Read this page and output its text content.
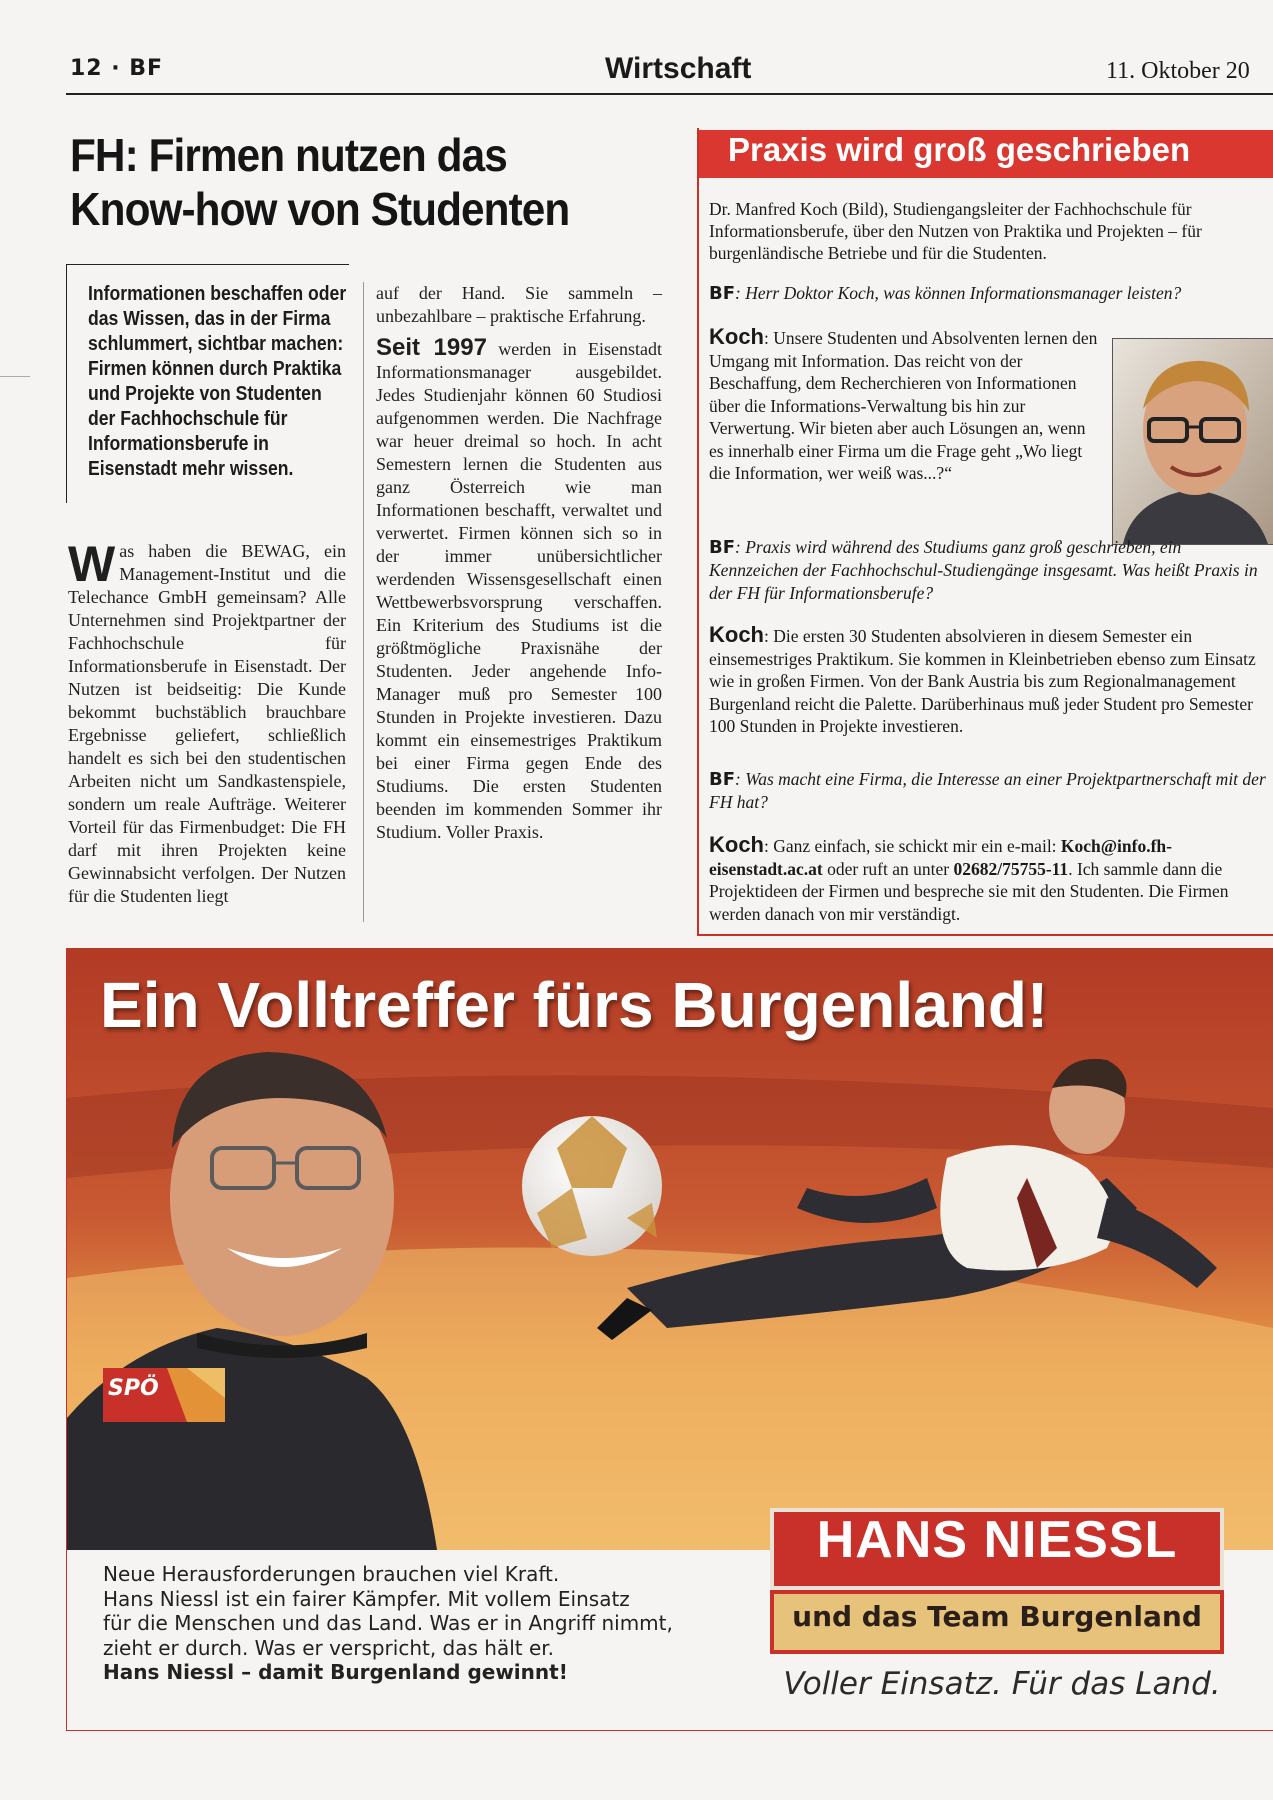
12 · BF	Wirtschaft	11. Oktober 20
FH: Firmen nutzen das
Know-how von Studenten
Informationen beschaffen oder das Wissen, das in der Firma schlummert, sichtbar machen: Firmen können durch Praktika und Projekte von Studenten der Fachhochschule für Informationsberufe in Eisenstadt mehr wissen.
Was haben die BEWAG, ein Management-Institut und die Telechance GmbH gemeinsam? Alle Unternehmen sind Projektpartner der Fachhochschule für Informationsberufe in Eisenstadt. Der Nutzen ist beidseitig: Die Kunde bekommt buchstäblich brauchbare Ergebnisse geliefert, schließlich handelt es sich bei den studentischen Arbeiten nicht um Sandkastenspiele, sondern um reale Aufträge. Weiterer Vorteil für das Firmenbudget: Die FH darf mit ihren Projekten keine Gewinnabsicht verfolgen. Der Nutzen für die Studenten liegt
auf der Hand. Sie sammeln – unbezahlbare – praktische Erfahrung.
Seit 1997 werden in Eisenstadt Informationsmanager ausgebildet. Jedes Studienjahr können 60 Studiosi aufgenommen werden. Die Nachfrage war heuer dreimal so hoch. In acht Semestern lernen die Studenten aus ganz Österreich wie man Informationen beschafft, verwaltet und verwertet. Firmen können sich so in der immer unübersichtlicher werdenden Wissensgesellschaft einen Wettbewerbsvorsprung verschaffen. Ein Kriterium des Studiums ist die größtmögliche Praxisnähe der Studenten. Jeder angehende Info-Manager muß pro Semester 100 Stunden in Projekte investieren. Dazu kommt ein einsemestriges Praktikum bei einer Firma gegen Ende des Studiums. Die ersten Studenten beenden im kommenden Sommer ihr Studium. Voller Praxis.
Praxis wird groß geschrieben
Dr. Manfred Koch (Bild), Studiengangsleiter der Fachhochschule für Informationsberufe, über den Nutzen von Praktika und Projekten – für burgenländische Betriebe und für die Studenten.
BF: Herr Doktor Koch, was können Informationsmanager leisten?
Koch: Unsere Studenten und Absolventen lernen den Umgang mit Information. Das reicht von der Beschaffung, dem Recherchieren von Informationen über die Informations-Verwaltung bis hin zur Verwertung. Wir bieten aber auch Lösungen an, wenn es innerhalb einer Firma um die Frage geht „Wo liegt die Information, wer weiß was...?“
BF: Praxis wird während des Studiums ganz groß geschrieben, ein Kennzeichen der Fachhochschul-Studiengänge insgesamt. Was heißt Praxis in der FH für Informationsberufe?
Koch: Die ersten 30 Studenten absolvieren in diesem Semester ein einsemestriges Praktikum. Sie kommen in Kleinbetrieben ebenso zum Einsatz wie in großen Firmen. Von der Bank Austria bis zum Regionalmanagement Burgenland reicht die Palette. Darüberhinaus muß jeder Student pro Semester 100 Stunden in Projekte investieren.
BF: Was macht eine Firma, die Interesse an einer Projektpartnerschaft mit der FH hat?
Koch: Ganz einfach, sie schickt mir ein e-mail: Koch@info.fh-eisenstadt.ac.at oder ruft an unter 02682/75755-11. Ich sammle dann die Projektideen der Firmen und bespreche sie mit den Studenten. Die Firmen werden danach von mir verständigt.
SPÖ
Ein Volltreffer fürs Burgenland!
Neue Herausforderungen brauchen viel Kraft.
Hans Niessl ist ein fairer Kämpfer. Mit vollem Einsatz
für die Menschen und das Land. Was er in Angriff nimmt,
zieht er durch. Was er verspricht, das hält er.
Hans Niessl – damit Burgenland gewinnt!
HANS NIESSL
und das Team Burgenland
Voller Einsatz. Für das Land.
